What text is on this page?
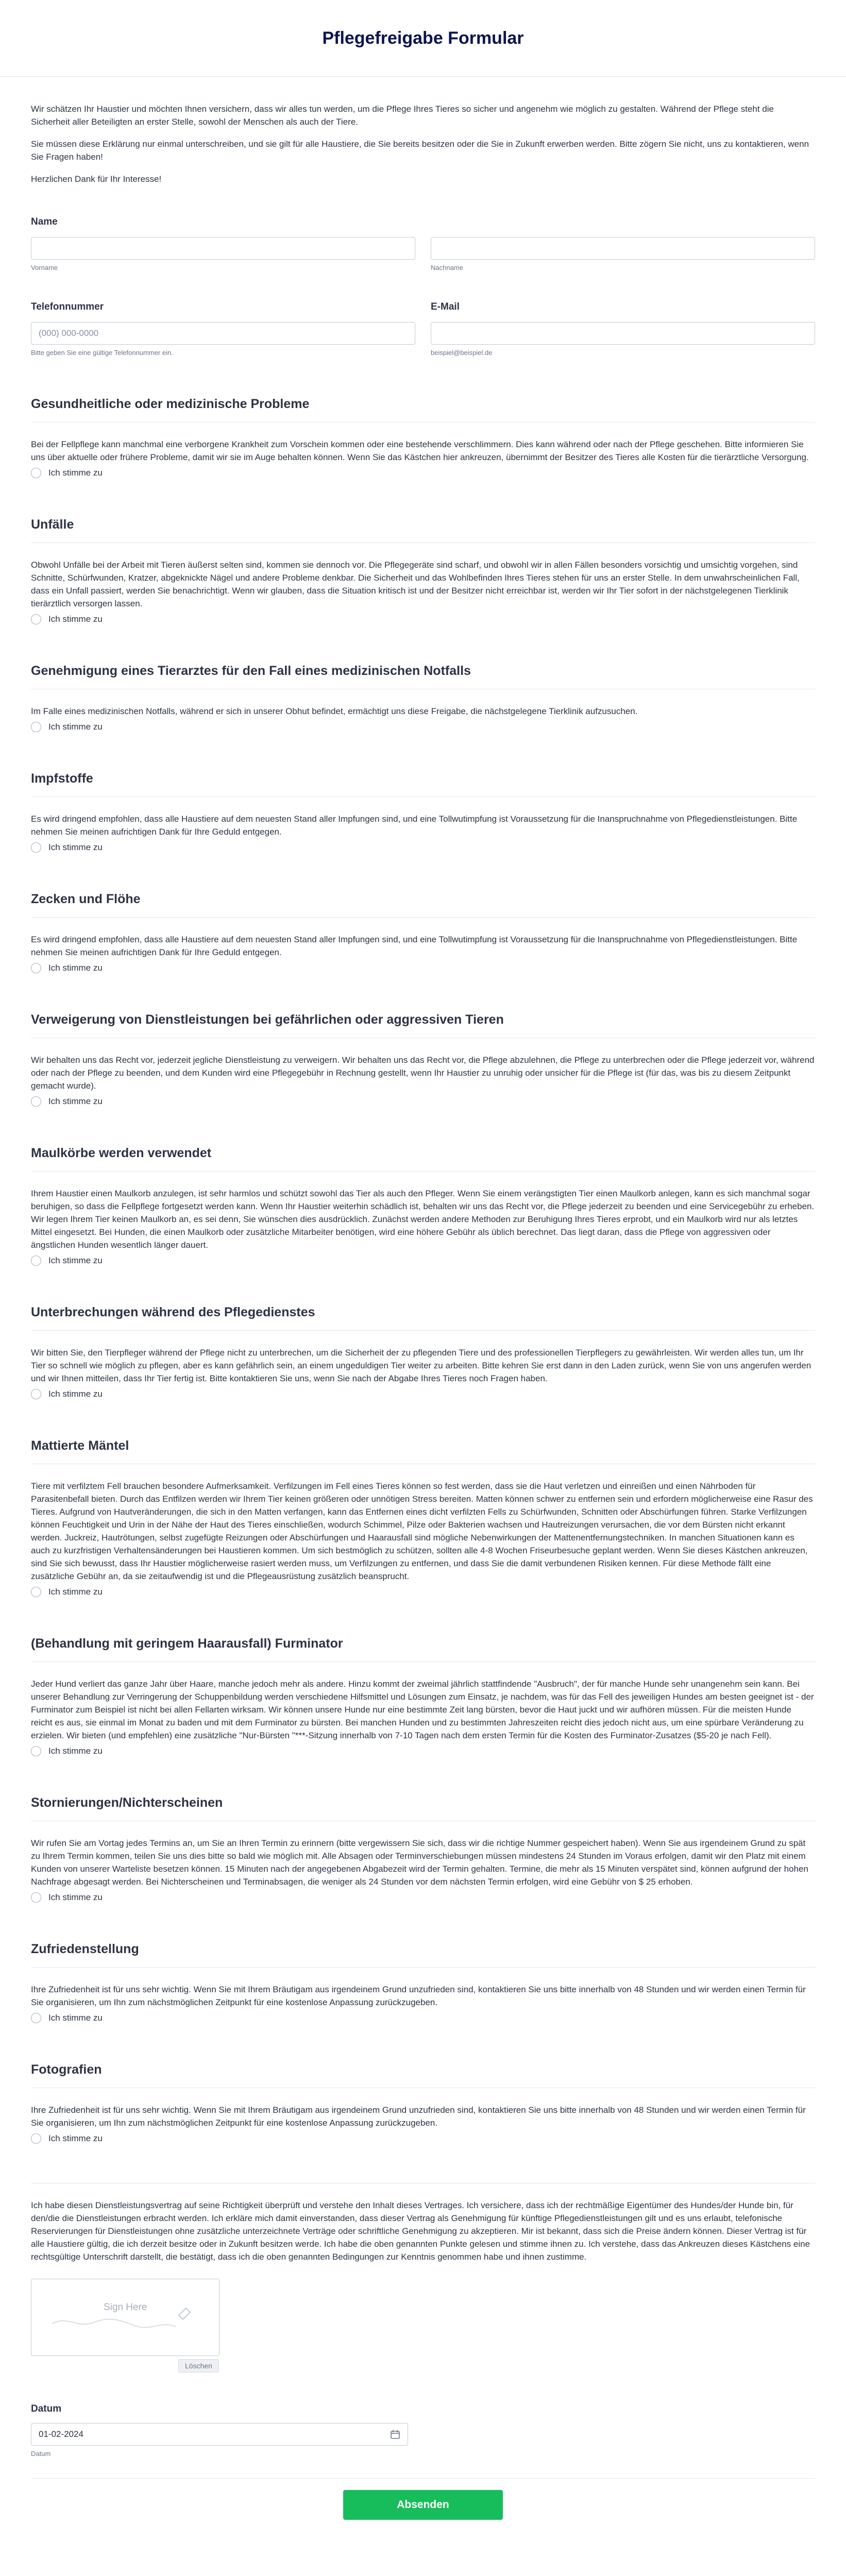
Pflegefreigabe Formular

Wir schätzen Ihr Haustier und möchten Ihnen versichern, dass wir alles tun werden, um die Pflege Ihres Tieres so sicher und angenehm wie möglich zu gestalten. Während der Pflege steht die Sicherheit aller Beteiligten an erster Stelle, sowohl der Menschen als auch der Tiere.

Sie müssen diese Erklärung nur einmal unterschreiben, und sie gilt für alle Haustiere, die Sie bereits besitzen oder die Sie in Zukunft erwerben werden. Bitte zögern Sie nicht, uns zu kontaktieren, wenn Sie Fragen haben!

Herzlichen Dank für Ihr Interesse!

Name
Vorname	Nachname
Telefonnummer
(000) 000-0000
Bitte geben Sie eine gültige Telefonnummer ein.
E-Mail
beispiel@beispiel.de
Gesundheitliche oder medizinische Probleme
Bei der Fellpflege kann manchmal eine verborgene Krankheit zum Vorschein kommen oder eine bestehende verschlimmern. Dies kann während oder nach der Pflege geschehen. Bitte informieren Sie uns über aktuelle oder frühere Probleme, damit wir sie im Auge behalten können. Wenn Sie das Kästchen hier ankreuzen, übernimmt der Besitzer des Tieres alle Kosten für die tierärztliche Versorgung.
Ich stimme zu
Unfälle
Obwohl Unfälle bei der Arbeit mit Tieren äußerst selten sind, kommen sie dennoch vor. Die Pflegegeräte sind scharf, und obwohl wir in allen Fällen besonders vorsichtig und umsichtig vorgehen, sind Schnitte, Schürfwunden, Kratzer, abgeknickte Nägel und andere Probleme denkbar. Die Sicherheit und das Wohlbefinden Ihres Tieres stehen für uns an erster Stelle. In dem unwahrscheinlichen Fall, dass ein Unfall passiert, werden Sie benachrichtigt. Wenn wir glauben, dass die Situation kritisch ist und der Besitzer nicht erreichbar ist, werden wir Ihr Tier sofort in der nächstgelegenen Tierklinik tierärztlich versorgen lassen.
Ich stimme zu
Genehmigung eines Tierarztes für den Fall eines medizinischen Notfalls
Im Falle eines medizinischen Notfalls, während er sich in unserer Obhut befindet, ermächtigt uns diese Freigabe, die nächstgelegene Tierklinik aufzusuchen.
Ich stimme zu
Impfstoffe
Es wird dringend empfohlen, dass alle Haustiere auf dem neuesten Stand aller Impfungen sind, und eine Tollwutimpfung ist Voraussetzung für die Inanspruchnahme von Pflegedienstleistungen. Bitte nehmen Sie meinen aufrichtigen Dank für Ihre Geduld entgegen.
Ich stimme zu
Zecken und Flöhe
Es wird dringend empfohlen, dass alle Haustiere auf dem neuesten Stand aller Impfungen sind, und eine Tollwutimpfung ist Voraussetzung für die Inanspruchnahme von Pflegedienstleistungen. Bitte nehmen Sie meinen aufrichtigen Dank für Ihre Geduld entgegen.
Ich stimme zu
Verweigerung von Dienstleistungen bei gefährlichen oder aggressiven Tieren
Wir behalten uns das Recht vor, jederzeit jegliche Dienstleistung zu verweigern. Wir behalten uns das Recht vor, die Pflege abzulehnen, die Pflege zu unterbrechen oder die Pflege jederzeit vor, während oder nach der Pflege zu beenden, und dem Kunden wird eine Pflegegebühr in Rechnung gestellt, wenn Ihr Haustier zu unruhig oder unsicher für die Pflege ist (für das, was bis zu diesem Zeitpunkt gemacht wurde).
Ich stimme zu
Maulkörbe werden verwendet
Ihrem Haustier einen Maulkorb anzulegen, ist sehr harmlos und schützt sowohl das Tier als auch den Pfleger. Wenn Sie einem verängstigten Tier einen Maulkorb anlegen, kann es sich manchmal sogar beruhigen, so dass die Fellpflege fortgesetzt werden kann. Wenn Ihr Haustier weiterhin schädlich ist, behalten wir uns das Recht vor, die Pflege jederzeit zu beenden und eine Servicegebühr zu erheben. Wir legen Ihrem Tier keinen Maulkorb an, es sei denn, Sie wünschen dies ausdrücklich. Zunächst werden andere Methoden zur Beruhigung Ihres Tieres erprobt, und ein Maulkorb wird nur als letztes Mittel eingesetzt. Bei Hunden, die einen Maulkorb oder zusätzliche Mitarbeiter benötigen, wird eine höhere Gebühr als üblich berechnet. Das liegt daran, dass die Pflege von aggressiven oder ängstlichen Hunden wesentlich länger dauert.
Ich stimme zu
Unterbrechungen während des Pflegedienstes
Wir bitten Sie, den Tierpfleger während der Pflege nicht zu unterbrechen, um die Sicherheit der zu pflegenden Tiere und des professionellen Tierpflegers zu gewährleisten. Wir werden alles tun, um Ihr Tier so schnell wie möglich zu pflegen, aber es kann gefährlich sein, an einem ungeduldigen Tier weiter zu arbeiten. Bitte kehren Sie erst dann in den Laden zurück, wenn Sie von uns angerufen werden und wir Ihnen mitteilen, dass Ihr Tier fertig ist. Bitte kontaktieren Sie uns, wenn Sie nach der Abgabe Ihres Tieres noch Fragen haben.
Ich stimme zu
Mattierte Mäntel
Tiere mit verfilztem Fell brauchen besondere Aufmerksamkeit. Verfilzungen im Fell eines Tieres können so fest werden, dass sie die Haut verletzen und einreißen und einen Nährboden für Parasitenbefall bieten. Durch das Entfilzen werden wir Ihrem Tier keinen größeren oder unnötigen Stress bereiten. Matten können schwer zu entfernen sein und erfordern möglicherweise eine Rasur des Tieres. Aufgrund von Hautveränderungen, die sich in den Matten verfangen, kann das Entfernen eines dicht verfilzten Fells zu Schürfwunden, Schnitten oder Abschürfungen führen. Starke Verfilzungen können Feuchtigkeit und Urin in der Nähe der Haut des Tieres einschließen, wodurch Schimmel, Pilze oder Bakterien wachsen und Hautreizungen verursachen, die vor dem Bürsten nicht erkannt werden. Juckreiz, Hautrötungen, selbst zugefügte Reizungen oder Abschürfungen und Haarausfall sind mögliche Nebenwirkungen der Mattenentfernungstechniken. In manchen Situationen kann es auch zu kurzfristigen Verhaltensänderungen bei Haustieren kommen. Um sich bestmöglich zu schützen, sollten alle 4-8 Wochen Friseurbesuche geplant werden. Wenn Sie dieses Kästchen ankreuzen, sind Sie sich bewusst, dass Ihr Haustier möglicherweise rasiert werden muss, um Verfilzungen zu entfernen, und dass Sie die damit verbundenen Risiken kennen. Für diese Methode fällt eine zusätzliche Gebühr an, da sie zeitaufwendig ist und die Pflegeausrüstung zusätzlich beansprucht.
Ich stimme zu
(Behandlung mit geringem Haarausfall) Furminator
Jeder Hund verliert das ganze Jahr über Haare, manche jedoch mehr als andere. Hinzu kommt der zweimal jährlich stattfindende "Ausbruch", der für manche Hunde sehr unangenehm sein kann. Bei unserer Behandlung zur Verringerung der Schuppenbildung werden verschiedene Hilfsmittel und Lösungen zum Einsatz, je nachdem, was für das Fell des jeweiligen Hundes am besten geeignet ist - der Furminator zum Beispiel ist nicht bei allen Fellarten wirksam. Wir können unsere Hunde nur eine bestimmte Zeit lang bürsten, bevor die Haut juckt und wir aufhören müssen. Für die meisten Hunde reicht es aus, sie einmal im Monat zu baden und mit dem Furminator zu bürsten. Bei manchen Hunden und zu bestimmten Jahreszeiten reicht dies jedoch nicht aus, um eine spürbare Veränderung zu erzielen. Wir bieten (und empfehlen) eine zusätzliche "Nur-Bürsten "***-Sitzung innerhalb von 7-10 Tagen nach dem ersten Termin für die Kosten des Furminator-Zusatzes ($5-20 je nach Fell).
Ich stimme zu
Stornierungen/Nichterscheinen
Wir rufen Sie am Vortag jedes Termins an, um Sie an Ihren Termin zu erinnern (bitte vergewissern Sie sich, dass wir die richtige Nummer gespeichert haben). Wenn Sie aus irgendeinem Grund zu spät zu Ihrem Termin kommen, teilen Sie uns dies bitte so bald wie möglich mit. Alle Absagen oder Terminverschiebungen müssen mindestens 24 Stunden im Voraus erfolgen, damit wir den Platz mit einem Kunden von unserer Warteliste besetzen können. 15 Minuten nach der angegebenen Abgabezeit wird der Termin gehalten. Termine, die mehr als 15 Minuten verspätet sind, können aufgrund der hohen Nachfrage abgesagt werden. Bei Nichterscheinen und Terminabsagen, die weniger als 24 Stunden vor dem nächsten Termin erfolgen, wird eine Gebühr von $ 25 erhoben.
Ich stimme zu
Zufriedenstellung
Ihre Zufriedenheit ist für uns sehr wichtig. Wenn Sie mit Ihrem Bräutigam aus irgendeinem Grund unzufrieden sind, kontaktieren Sie uns bitte innerhalb von 48 Stunden und wir werden einen Termin für Sie organisieren, um Ihn zum nächstmöglichen Zeitpunkt für eine kostenlose Anpassung zurückzugeben.
Ich stimme zu
Fotografien
Ihre Zufriedenheit ist für uns sehr wichtig. Wenn Sie mit Ihrem Bräutigam aus irgendeinem Grund unzufrieden sind, kontaktieren Sie uns bitte innerhalb von 48 Stunden und wir werden einen Termin für Sie organisieren, um Ihn zum nächstmöglichen Zeitpunkt für eine kostenlose Anpassung zurückzugeben.
Ich stimme zu
Ich habe diesen Dienstleistungsvertrag auf seine Richtigkeit überprüft und verstehe den Inhalt dieses Vertrages. Ich versichere, dass ich der rechtmäßige Eigentümer des Hundes/der Hunde bin, für den/die die Dienstleistungen erbracht werden. Ich erkläre mich damit einverstanden, dass dieser Vertrag als Genehmigung für künftige Pflegedienstleistungen gilt und es uns erlaubt, telefonische Reservierungen für Dienstleistungen ohne zusätzliche unterzeichnete Verträge oder schriftliche Genehmigung zu akzeptieren. Mir ist bekannt, dass sich die Preise ändern können. Dieser Vertrag ist für alle Haustiere gültig, die ich derzeit besitze oder in Zukunft besitzen werde. Ich habe die oben genannten Punkte gelesen und stimme ihnen zu. Ich verstehe, dass das Ankreuzen dieses Kästchens eine rechtsgültige Unterschrift darstellt, die bestätigt, dass ich die oben genannten Bedingungen zur Kenntnis genommen habe und ihnen zustimme.
Sign Here
Löschen
Datum
01-02-2024
Datum
Absenden
